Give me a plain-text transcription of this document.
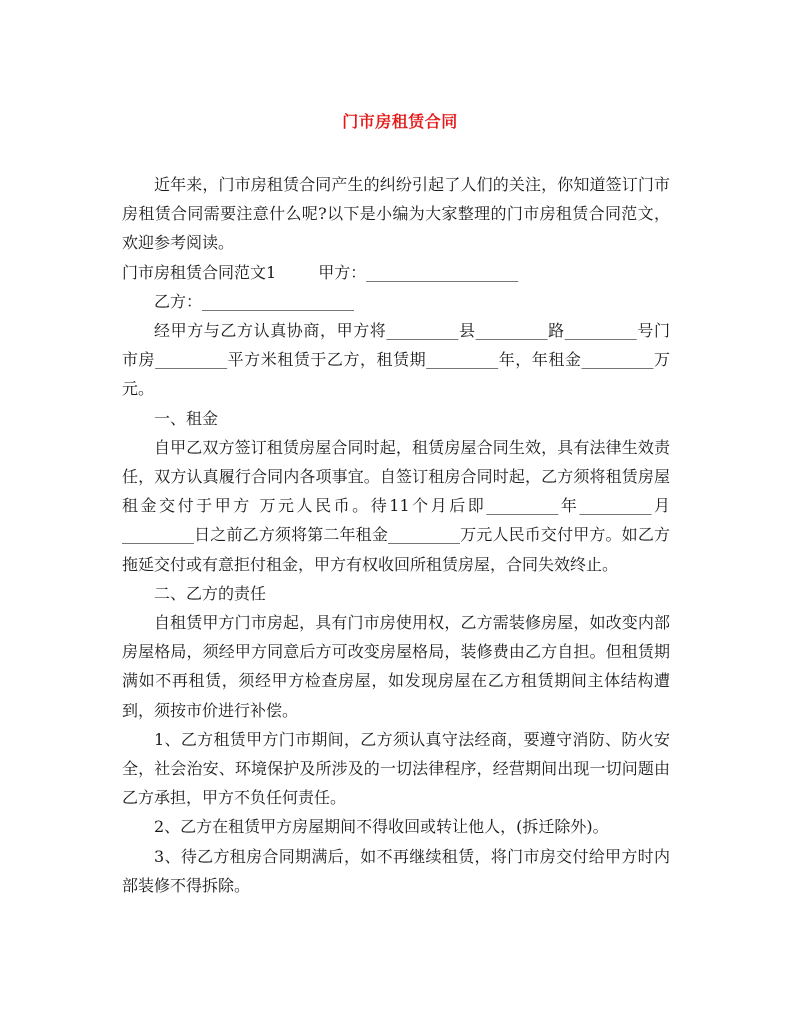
门市房租赁合同

近年来，门市房租赁合同产生的纠纷引起了人们的关注，你知道签订门市房租赁合同需要注意什么呢?以下是小编为大家整理的门市房租赁合同范文，欢迎参考阅读。

门市房租赁合同范文1	甲方：___________________

乙方：___________________

经甲方与乙方认真协商，甲方将_________县_________路_________号门市房_________平方米租赁于乙方，租赁期_________年，年租金_________万元。

一、租金

自甲乙双方签订租赁房屋合同时起，租赁房屋合同生效，具有法律生效责任，双方认真履行合同内各项事宜。自签订租房合同时起，乙方须将租赁房屋租金交付于甲方 万元人民币。待11个月后即_________年_________月_________日之前乙方须将第二年租金_________万元人民币交付甲方。如乙方拖延交付或有意拒付租金，甲方有权收回所租赁房屋，合同失效终止。

二、乙方的责任

自租赁甲方门市房起，具有门市房使用权，乙方需装修房屋，如改变内部房屋格局，须经甲方同意后方可改变房屋格局，装修费由乙方自担。但租赁期满如不再租赁，须经甲方检查房屋，如发现房屋在乙方租赁期间主体结构遭到，须按市价进行补偿。

1、乙方租赁甲方门市期间，乙方须认真守法经商，要遵守消防、防火安全，社会治安、环境保护及所涉及的一切法律程序，经营期间出现一切问题由乙方承担，甲方不负任何责任。

2、乙方在租赁甲方房屋期间不得收回或转让他人，(拆迁除外)。

3、待乙方租房合同期满后，如不再继续租赁，将门市房交付给甲方时内部装修不得拆除。
